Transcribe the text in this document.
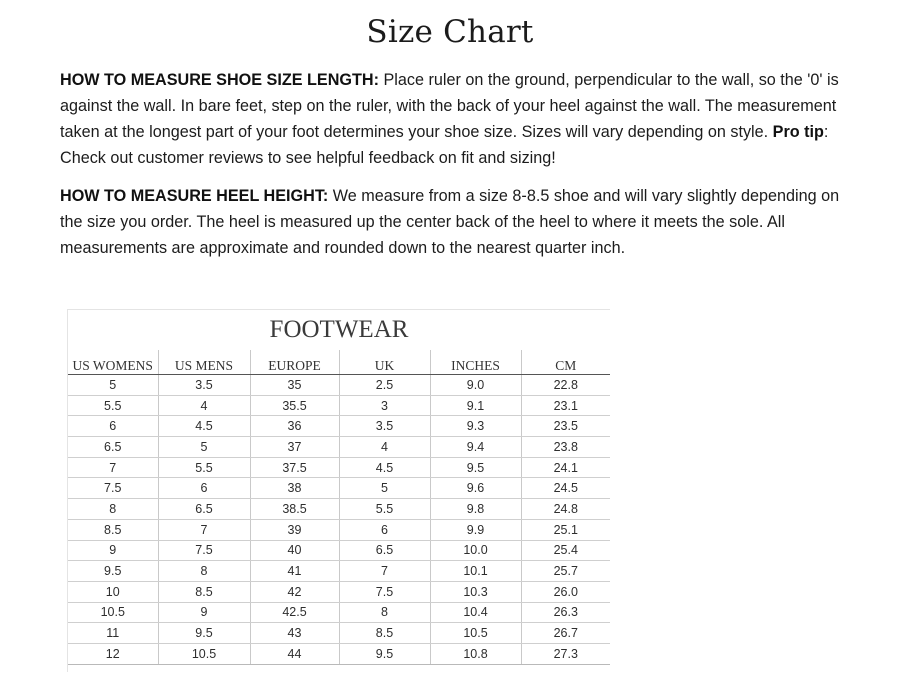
Size Chart

HOW TO MEASURE SHOE SIZE LENGTH: Place ruler on the ground, perpendicular to the wall, so the '0' is against the wall. In bare feet, step on the ruler, with the back of your heel against the wall. The measurement taken at the longest part of your foot determines your shoe size. Sizes will vary depending on style. Pro tip: Check out customer reviews to see helpful feedback on fit and sizing!

HOW TO MEASURE HEEL HEIGHT: We measure from a size 8-8.5 shoe and will vary slightly depending on the size you order. The heel is measured up the center back of the heel to where it meets the sole. All measurements are approximate and rounded down to the nearest quarter inch.

FOOTWEAR
US WOMENS	US MENS	EUROPE	UK	INCHES	CM
5	3.5	35	2.5	9.0	22.8
5.5	4	35.5	3	9.1	23.1
6	4.5	36	3.5	9.3	23.5
6.5	5	37	4	9.4	23.8
7	5.5	37.5	4.5	9.5	24.1
7.5	6	38	5	9.6	24.5
8	6.5	38.5	5.5	9.8	24.8
8.5	7	39	6	9.9	25.1
9	7.5	40	6.5	10.0	25.4
9.5	8	41	7	10.1	25.7
10	8.5	42	7.5	10.3	26.0
10.5	9	42.5	8	10.4	26.3
11	9.5	43	8.5	10.5	26.7
12	10.5	44	9.5	10.8	27.3
